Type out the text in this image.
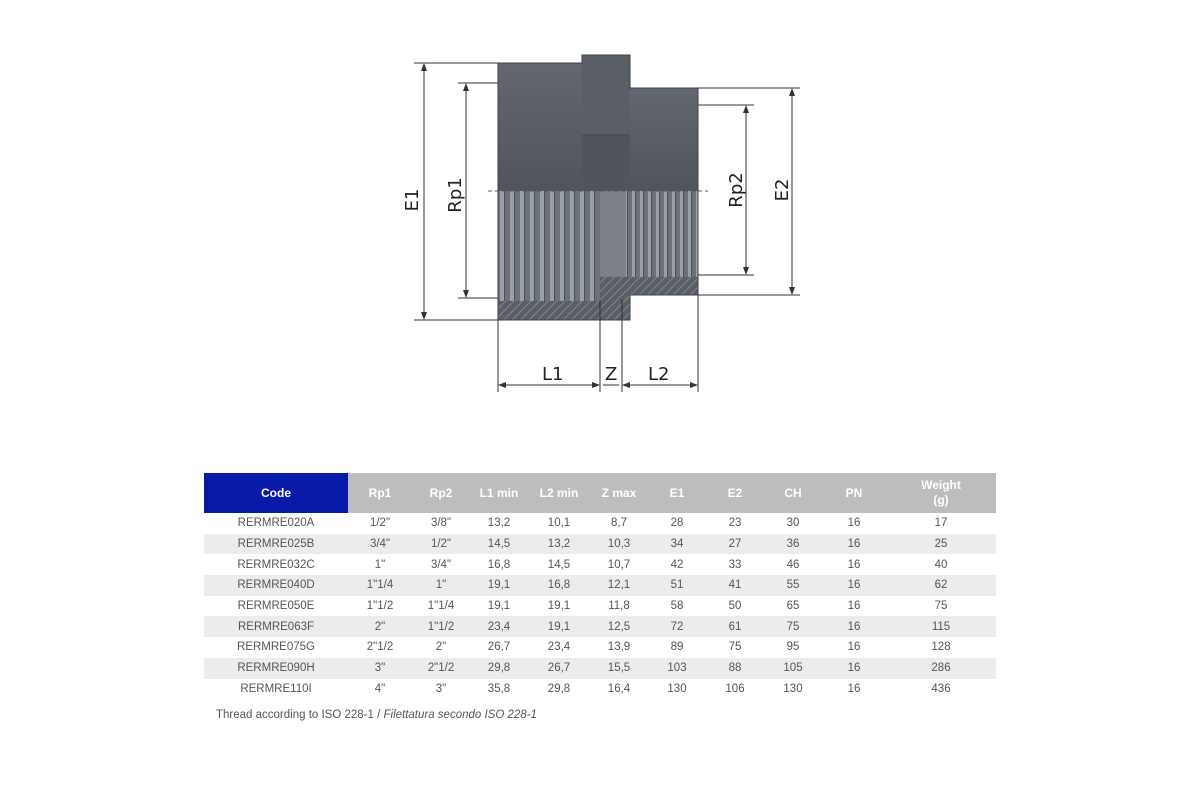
E1 Rp1	Rp2 E2
L1 Z L2
Code	Rp1	Rp2	L1 min	L2 min	Z max	E1	E2	CH	PN	Weight
(g)
RERMRE020A	1/2"	3/8"	13,2	10,1	8,7	28	23	30	16	17
RERMRE025B	3/4"	1/2"	14,5	13,2	10,3	34	27	36	16	25
RERMRE032C	1"	3/4"	16,8	14,5	10,7	42	33	46	16	40
RERMRE040D	1"1/4	1"	19,1	16,8	12,1	51	41	55	16	62
RERMRE050E	1"1/2	1"1/4	19,1	19,1	11,8	58	50	65	16	75
RERMRE063F	2"	1"1/2	23,4	19,1	12,5	72	61	75	16	115
RERMRE075G	2"1/2	2"	26,7	23,4	13,9	89	75	95	16	128
RERMRE090H	3"	2"1/2	29,8	26,7	15,5	103	88	105	16	286
RERMRE110I	4"	3"	35,8	29,8	16,4	130	106	130	16	436
Thread according to ISO 228-1 / Filettatura secondo ISO 228-1
